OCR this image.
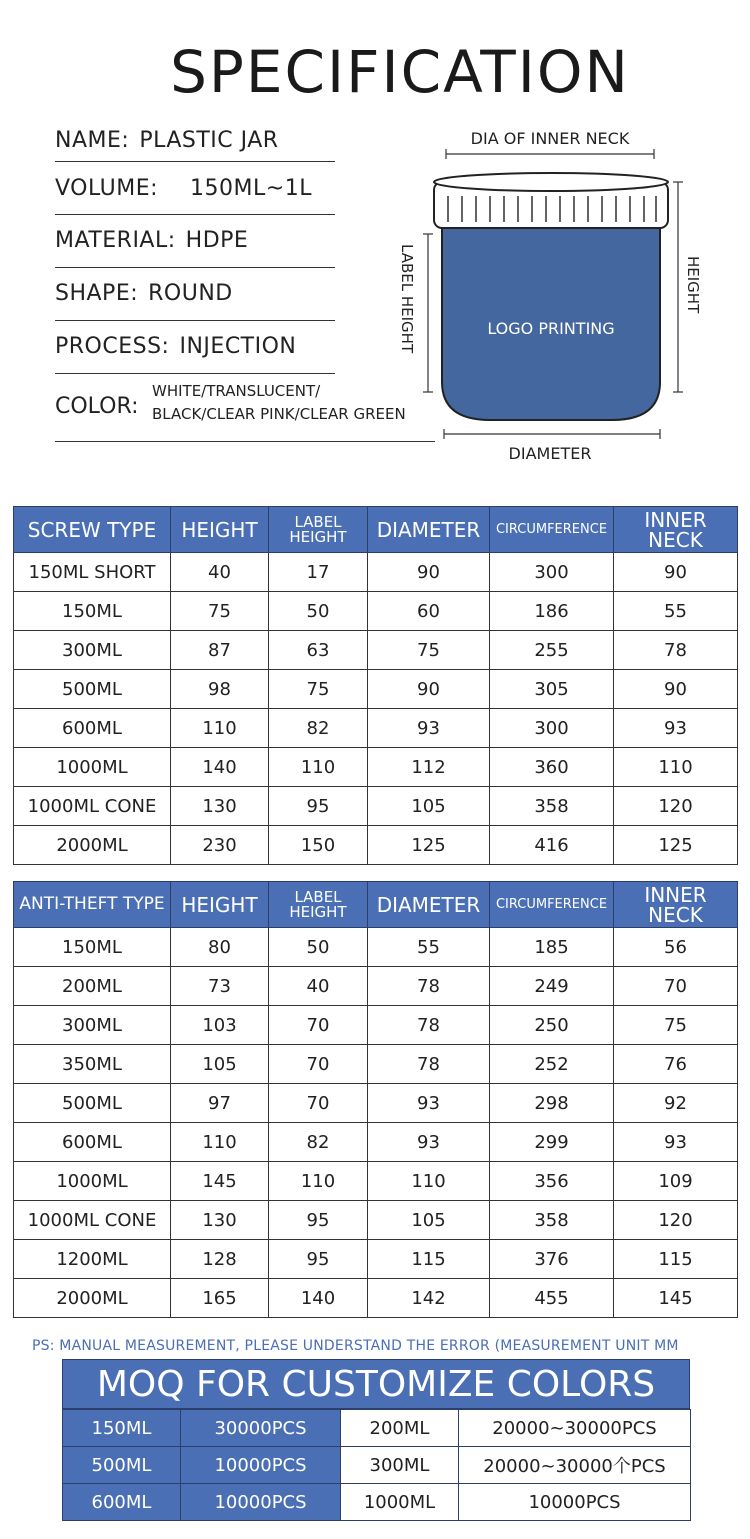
SPECIFICATION
NAME: PLASTIC JAR
VOLUME: 150ML~1L
MATERIAL: HDPE
SHAPE: ROUND
PROCESS: INJECTION
COLOR:
WHITE/TRANSLUCENT/
BLACK/CLEAR PINK/CLEAR GREEN
DIA OF INNER NECK
LOGO PRINTING
LABEL HEIGHT	HEIGHT
DIAMETER
SCREW TYPE	HEIGHT	LABEL HEIGHT	DIAMETER	CIRCUMFERENCE	INNER NECK
150ML SHORT	40	17	90	300	90
150ML	75	50	60	186	55
300ML	87	63	75	255	78
500ML	98	75	90	305	90
600ML	110	82	93	300	93
1000ML	140	110	112	360	110
1000ML CONE	130	95	105	358	120
2000ML	230	150	125	416	125
ANTI-THEFT TYPE	HEIGHT	LABEL HEIGHT	DIAMETER	CIRCUMFERENCE	INNER NECK
150ML	80	50	55	185	56
200ML	73	40	78	249	70
300ML	103	70	78	250	75
350ML	105	70	78	252	76
500ML	97	70	93	298	92
600ML	110	82	93	299	93
1000ML	145	110	110	356	109
1000ML CONE	130	95	105	358	120
1200ML	128	95	115	376	115
2000ML	165	140	142	455	145
PS: MANUAL MEASUREMENT, PLEASE UNDERSTAND THE ERROR (MEASUREMENT UNIT MM
MOQ FOR CUSTOMIZE COLORS
150ML	30000PCS	200ML	20000~30000PCS
500ML	10000PCS	300ML	20000~30000个PCS
600ML	10000PCS	1000ML	10000PCS
